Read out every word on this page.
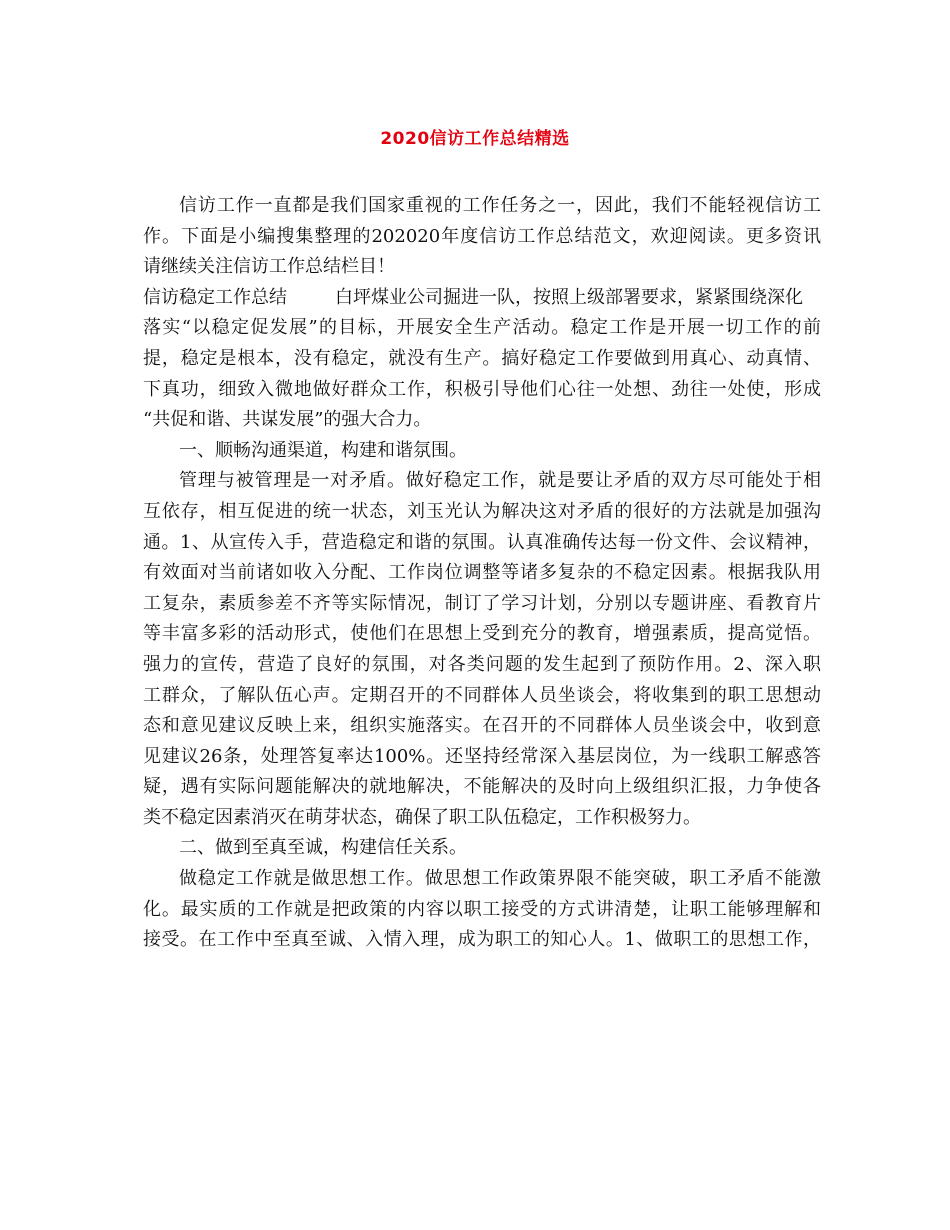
2020信访工作总结精选
信访工作一直都是我们国家重视的工作任务之一，因此，我们不能轻视信访工
作。下面是小编搜集整理的202020年度信访工作总结范文，欢迎阅读。更多资讯
请继续关注信访工作总结栏目！
信访稳定工作总结	白坪煤业公司掘进一队，按照上级部署要求，紧紧围绕深化
落实“以稳定促发展”的目标，开展安全生产活动。稳定工作是开展一切工作的前
提，稳定是根本，没有稳定，就没有生产。搞好稳定工作要做到用真心、动真情、
下真功，细致入微地做好群众工作，积极引导他们心往一处想、劲往一处使，形成
“共促和谐、共谋发展”的强大合力。
一、顺畅沟通渠道，构建和谐氛围。
管理与被管理是一对矛盾。做好稳定工作，就是要让矛盾的双方尽可能处于相
互依存，相互促进的统一状态，刘玉光认为解决这对矛盾的很好的方法就是加强沟
通。1、从宣传入手，营造稳定和谐的氛围。认真准确传达每一份文件、会议精神，
有效面对当前诸如收入分配、工作岗位调整等诸多复杂的不稳定因素。根据我队用
工复杂，素质参差不齐等实际情况，制订了学习计划，分别以专题讲座、看教育片
等丰富多彩的活动形式，使他们在思想上受到充分的教育，增强素质，提高觉悟。
强力的宣传，营造了良好的氛围，对各类问题的发生起到了预防作用。2、深入职
工群众，了解队伍心声。定期召开的不同群体人员坐谈会，将收集到的职工思想动
态和意见建议反映上来，组织实施落实。在召开的不同群体人员坐谈会中，收到意
见建议26条，处理答复率达100%。还坚持经常深入基层岗位，为一线职工解惑答
疑，遇有实际问题能解决的就地解决，不能解决的及时向上级组织汇报，力争使各
类不稳定因素消灭在萌芽状态，确保了职工队伍稳定，工作积极努力。
二、做到至真至诚，构建信任关系。
做稳定工作就是做思想工作。做思想工作政策界限不能突破，职工矛盾不能激
化。最实质的工作就是把政策的内容以职工接受的方式讲清楚，让职工能够理解和
接受。在工作中至真至诚、入情入理，成为职工的知心人。1、做职工的思想工作，
